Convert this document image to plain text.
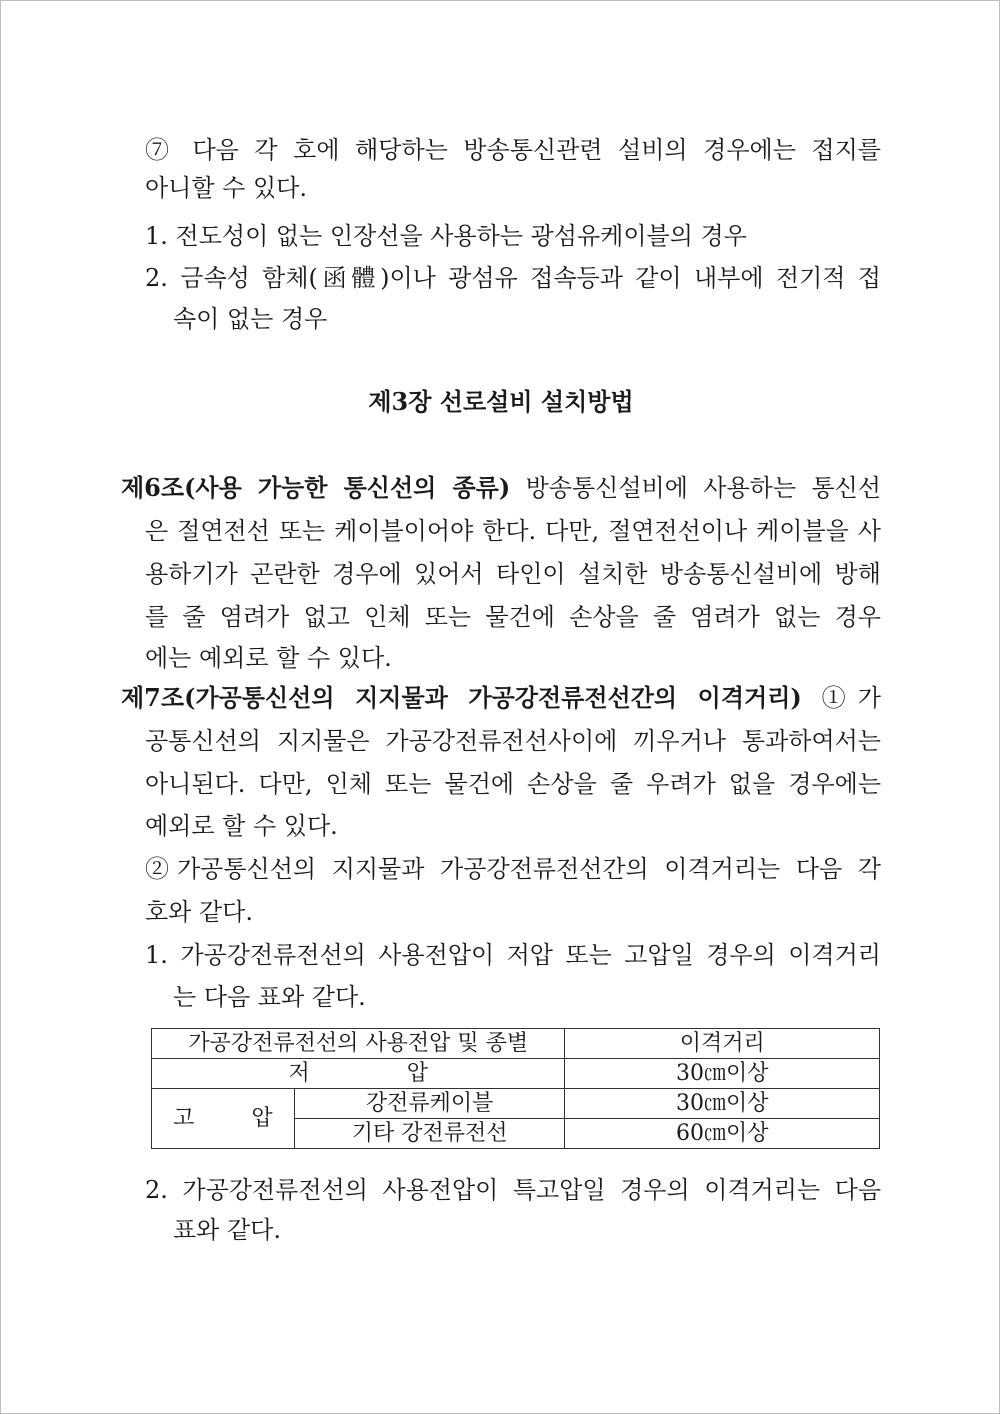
⑦ 다음 각 호에 해당하는 방송통신관련 설비의 경우에는 접지를

아니할 수 있다.

1. 전도성이 없는 인장선을 사용하는 광섬유케이블의 경우

2. 금속성 함체(函體)이나 광섬유 접속등과 같이 내부에 전기적 접

속이 없는 경우

제3장 선로설비 설치방법

제6조(사용 가능한 통신선의 종류) 방송통신설비에 사용하는 통신선

은 절연전선 또는 케이블이어야 한다. 다만, 절연전선이나 케이블을 사

용하기가 곤란한 경우에 있어서 타인이 설치한 방송통신설비에 방해

를 줄 염려가 없고 인체 또는 물건에 손상을 줄 염려가 없는 경우

에는 예외로 할 수 있다.

제7조(가공통신선의 지지물과 가공강전류전선간의 이격거리) ①가

공통신선의 지지물은 가공강전류전선사이에 끼우거나 통과하여서는

아니된다. 다만, 인체 또는 물건에 손상을 줄 우려가 없을 경우에는

예외로 할 수 있다.

②가공통신선의 지지물과 가공강전류전선간의 이격거리는 다음 각

호와 같다.

1. 가공강전류전선의 사용전압이 저압 또는 고압일 경우의 이격거리

는 다음 표와 같다.

가공강전류전선의 사용전압 및 종별		이격거리
저 압		30㎝이상
고 압	강전류케이블	30㎝이상
	기타 강전류전선	60㎝이상

2. 가공강전류전선의 사용전압이 특고압일 경우의 이격거리는 다음

표와 같다.
